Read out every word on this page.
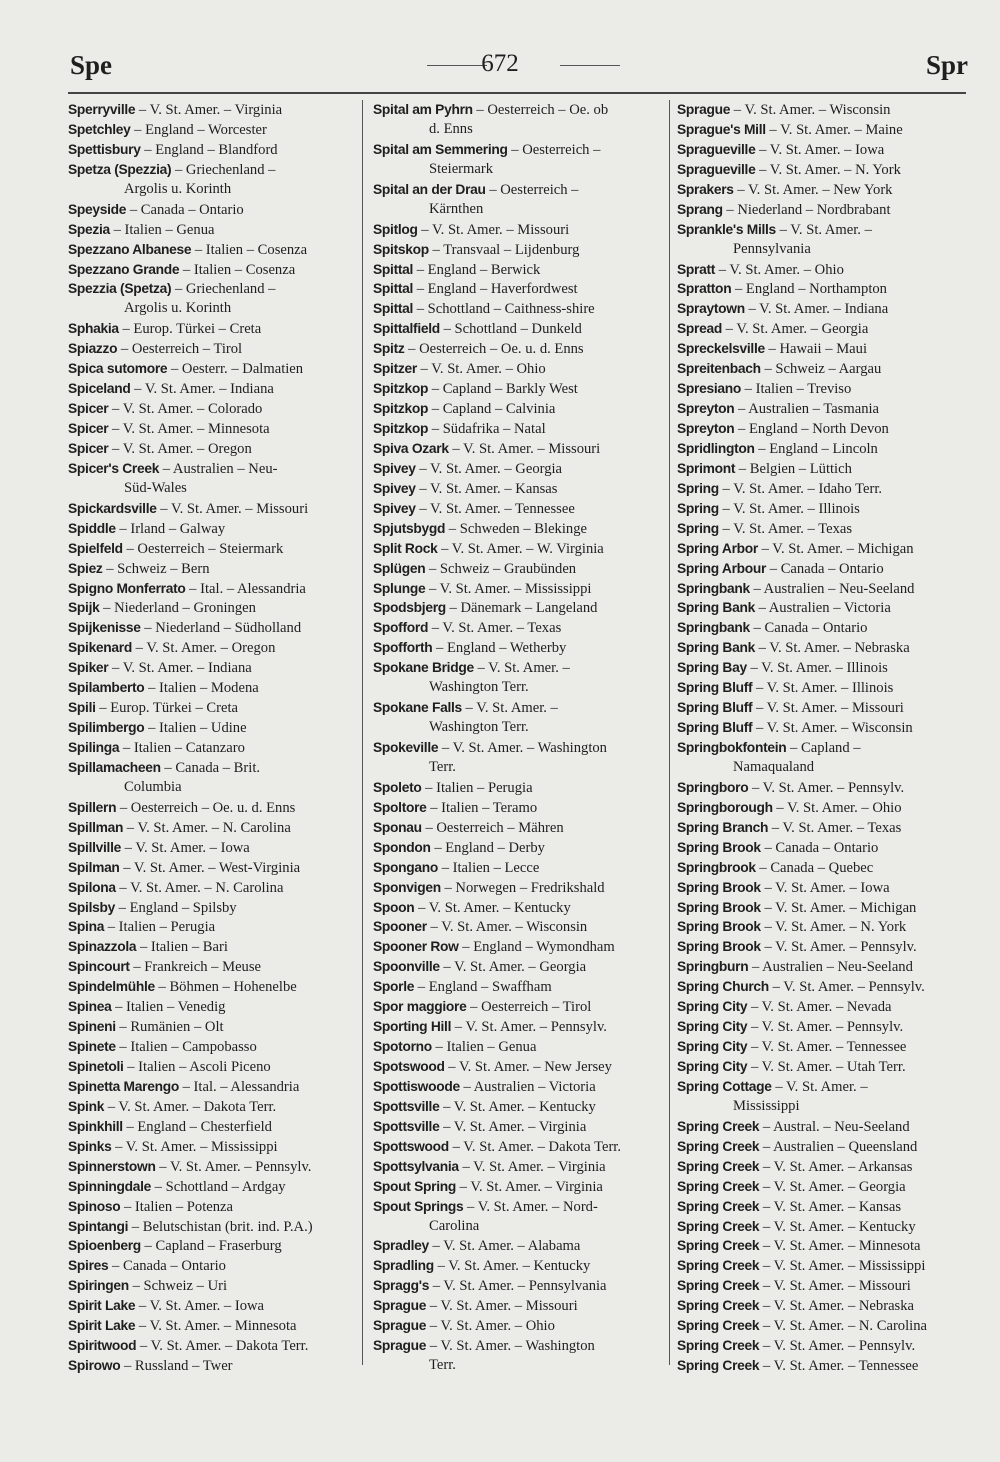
Spe	672	Spr
Sperryville – V. St. Amer. – Virginia
Spetchley – England – Worcester
Spettisbury – England – Blandford
Spetza (Spezzia) – Griechenland –
Argolis u. Korinth
Speyside – Canada – Ontario
Spezia – Italien – Genua
Spezzano Albanese – Italien – Cosenza
Spezzano Grande – Italien – Cosenza
Spezzia (Spetza) – Griechenland –
Argolis u. Korinth
Sphakia – Europ. Türkei – Creta
Spiazzo – Oesterreich – Tirol
Spica sutomore – Oesterr. – Dalmatien
Spiceland – V. St. Amer. – Indiana
Spicer – V. St. Amer. – Colorado
Spicer – V. St. Amer. – Minnesota
Spicer – V. St. Amer. – Oregon
Spicer's Creek – Australien – Neu-
Süd-Wales
Spickardsville – V. St. Amer. – Missouri
Spiddle – Irland – Galway
Spielfeld – Oesterreich – Steiermark
Spiez – Schweiz – Bern
Spigno Monferrato – Ital. – Alessandria
Spijk – Niederland – Groningen
Spijkenisse – Niederland – Südholland
Spikenard – V. St. Amer. – Oregon
Spiker – V. St. Amer. – Indiana
Spilamberto – Italien – Modena
Spili – Europ. Türkei – Creta
Spilimbergo – Italien – Udine
Spilinga – Italien – Catanzaro
Spillamacheen – Canada – Brit.
Columbia
Spillern – Oesterreich – Oe. u. d. Enns
Spillman – V. St. Amer. – N. Carolina
Spillville – V. St. Amer. – Iowa
Spilman – V. St. Amer. – West-Virginia
Spilona – V. St. Amer. – N. Carolina
Spilsby – England – Spilsby
Spina – Italien – Perugia
Spinazzola – Italien – Bari
Spincourt – Frankreich – Meuse
Spindelmühle – Böhmen – Hohenelbe
Spinea – Italien – Venedig
Spineni – Rumänien – Olt
Spinete – Italien – Campobasso
Spinetoli – Italien – Ascoli Piceno
Spinetta Marengo – Ital. – Alessandria
Spink – V. St. Amer. – Dakota Terr.
Spinkhill – England – Chesterfield
Spinks – V. St. Amer. – Mississippi
Spinnerstown – V. St. Amer. – Pennsylv.
Spinningdale – Schottland – Ardgay
Spinoso – Italien – Potenza
Spintangi – Belutschistan (brit. ind. P.A.)
Spioenberg – Capland – Fraserburg
Spires – Canada – Ontario
Spiringen – Schweiz – Uri
Spirit Lake – V. St. Amer. – Iowa
Spirit Lake – V. St. Amer. – Minnesota
Spiritwood – V. St. Amer. – Dakota Terr.
Spirowo – Russland – Twer
Spital am Pyhrn – Oesterreich – Oe. ob
d. Enns
Spital am Semmering – Oesterreich –
Steiermark
Spital an der Drau – Oesterreich –
Kärnthen
Spitlog – V. St. Amer. – Missouri
Spitskop – Transvaal – Lijdenburg
Spittal – England – Berwick
Spittal – England – Haverfordwest
Spittal – Schottland – Caithness-shire
Spittalfield – Schottland – Dunkeld
Spitz – Oesterreich – Oe. u. d. Enns
Spitzer – V. St. Amer. – Ohio
Spitzkop – Capland – Barkly West
Spitzkop – Capland – Calvinia
Spitzkop – Südafrika – Natal
Spiva Ozark – V. St. Amer. – Missouri
Spivey – V. St. Amer. – Georgia
Spivey – V. St. Amer. – Kansas
Spivey – V. St. Amer. – Tennessee
Spjutsbygd – Schweden – Blekinge
Split Rock – V. St. Amer. – W. Virginia
Splügen – Schweiz – Graubünden
Splunge – V. St. Amer. – Mississippi
Spodsbjerg – Dänemark – Langeland
Spofford – V. St. Amer. – Texas
Spofforth – England – Wetherby
Spokane Bridge – V. St. Amer. –
Washington Terr.
Spokane Falls – V. St. Amer. –
Washington Terr.
Spokeville – V. St. Amer. – Washington
Terr.
Spoleto – Italien – Perugia
Spoltore – Italien – Teramo
Sponau – Oesterreich – Mähren
Spondon – England – Derby
Spongano – Italien – Lecce
Sponvigen – Norwegen – Fredrikshald
Spoon – V. St. Amer. – Kentucky
Spooner – V. St. Amer. – Wisconsin
Spooner Row – England – Wymondham
Spoonville – V. St. Amer. – Georgia
Sporle – England – Swaffham
Spor maggiore – Oesterreich – Tirol
Sporting Hill – V. St. Amer. – Pennsylv.
Spotorno – Italien – Genua
Spotswood – V. St. Amer. – New Jersey
Spottiswoode – Australien – Victoria
Spottsville – V. St. Amer. – Kentucky
Spottsville – V. St. Amer. – Virginia
Spottswood – V. St. Amer. – Dakota Terr.
Spottsylvania – V. St. Amer. – Virginia
Spout Spring – V. St. Amer. – Virginia
Spout Springs – V. St. Amer. – Nord-
Carolina
Spradley – V. St. Amer. – Alabama
Spradling – V. St. Amer. – Kentucky
Spragg's – V. St. Amer. – Pennsylvania
Sprague – V. St. Amer. – Missouri
Sprague – V. St. Amer. – Ohio
Sprague – V. St. Amer. – Washington
Terr.
Sprague – V. St. Amer. – Wisconsin
Sprague's Mill – V. St. Amer. – Maine
Spragueville – V. St. Amer. – Iowa
Spragueville – V. St. Amer. – N. York
Sprakers – V. St. Amer. – New York
Sprang – Niederland – Nordbrabant
Sprankle's Mills – V. St. Amer. –
Pennsylvania
Spratt – V. St. Amer. – Ohio
Spratton – England – Northampton
Spraytown – V. St. Amer. – Indiana
Spread – V. St. Amer. – Georgia
Spreckelsville – Hawaii – Maui
Spreitenbach – Schweiz – Aargau
Spresiano – Italien – Treviso
Spreyton – Australien – Tasmania
Spreyton – England – North Devon
Spridlington – England – Lincoln
Sprimont – Belgien – Lüttich
Spring – V. St. Amer. – Idaho Terr.
Spring – V. St. Amer. – Illinois
Spring – V. St. Amer. – Texas
Spring Arbor – V. St. Amer. – Michigan
Spring Arbour – Canada – Ontario
Springbank – Australien – Neu-Seeland
Spring Bank – Australien – Victoria
Springbank – Canada – Ontario
Spring Bank – V. St. Amer. – Nebraska
Spring Bay – V. St. Amer. – Illinois
Spring Bluff – V. St. Amer. – Illinois
Spring Bluff – V. St. Amer. – Missouri
Spring Bluff – V. St. Amer. – Wisconsin
Springbokfontein – Capland –
Namaqualand
Springboro – V. St. Amer. – Pennsylv.
Springborough – V. St. Amer. – Ohio
Spring Branch – V. St. Amer. – Texas
Spring Brook – Canada – Ontario
Springbrook – Canada – Quebec
Spring Brook – V. St. Amer. – Iowa
Spring Brook – V. St. Amer. – Michigan
Spring Brook – V. St. Amer. – N. York
Spring Brook – V. St. Amer. – Pennsylv.
Springburn – Australien – Neu-Seeland
Spring Church – V. St. Amer. – Pennsylv.
Spring City – V. St. Amer. – Nevada
Spring City – V. St. Amer. – Pennsylv.
Spring City – V. St. Amer. – Tennessee
Spring City – V. St. Amer. – Utah Terr.
Spring Cottage – V. St. Amer. –
Mississippi
Spring Creek – Austral. – Neu-Seeland
Spring Creek – Australien – Queensland
Spring Creek – V. St. Amer. – Arkansas
Spring Creek – V. St. Amer. – Georgia
Spring Creek – V. St. Amer. – Kansas
Spring Creek – V. St. Amer. – Kentucky
Spring Creek – V. St. Amer. – Minnesota
Spring Creek – V. St. Amer. – Mississippi
Spring Creek – V. St. Amer. – Missouri
Spring Creek – V. St. Amer. – Nebraska
Spring Creek – V. St. Amer. – N. Carolina
Spring Creek – V. St. Amer. – Pennsylv.
Spring Creek – V. St. Amer. – Tennessee
